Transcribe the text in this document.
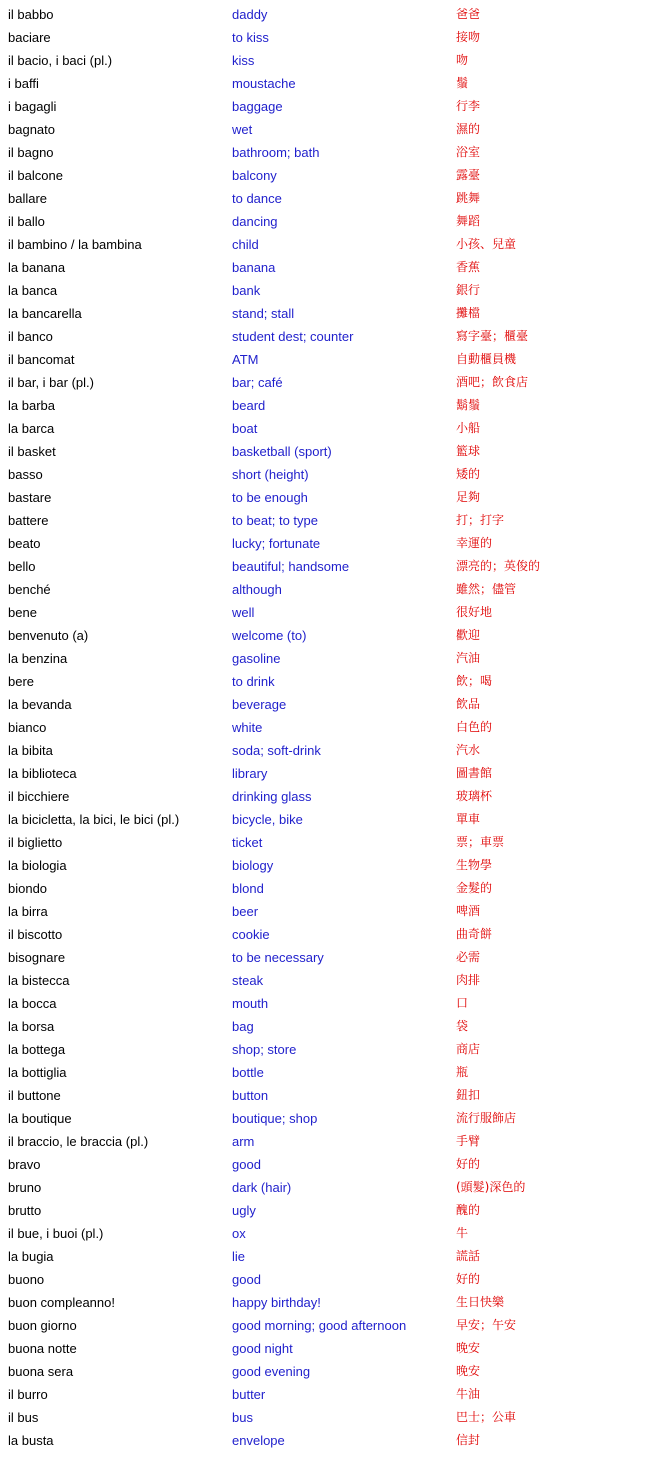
il babbo	daddy	爸爸
baciare	to kiss	接吻
il bacio, i baci (pl.)	kiss	吻
i baffi	moustache	鬚
i bagagli	baggage	行李
bagnato	wet	濕的
il bagno	bathroom; bath	浴室
il balcone	balcony	露臺
ballare	to dance	跳舞
il ballo	dancing	舞蹈
il bambino / la bambina	child	小孩、兒童
la banana	banana	香蕉
la banca	bank	銀行
la bancarella	stand; stall	攤檔
il banco	student dest; counter	寫字臺；櫃臺
il bancomat	ATM	自動櫃員機
il bar, i bar (pl.)	bar; café	酒吧；飲食店
la barba	beard	鬍鬚
la barca	boat	小船
il basket	basketball (sport)	籃球
basso	short (height)	矮的
bastare	to be enough	足夠
battere	to beat; to type	打；打字
beato	lucky; fortunate	幸運的
bello	beautiful; handsome	漂亮的；英俊的
benché	although	雖然；儘管
bene	well	很好地
benvenuto (a)	welcome (to)	歡迎
la benzina	gasoline	汽油
bere	to drink	飲；喝
la bevanda	beverage	飲品
bianco	white	白色的
la bibita	soda; soft-drink	汽水
la biblioteca	library	圖書館
il bicchiere	drinking glass	玻璃杯
la bicicletta, la bici, le bici (pl.)	bicycle, bike	單車
il biglietto	ticket	票；車票
la biologia	biology	生物學
biondo	blond	金髮的
la birra	beer	啤酒
il biscotto	cookie	曲奇餅
bisognare	to be necessary	必需
la bistecca	steak	肉排
la bocca	mouth	口
la borsa	bag	袋
la bottega	shop; store	商店
la bottiglia	bottle	瓶
il buttone	button	鈕扣
la boutique	boutique; shop	流行服飾店
il braccio, le braccia (pl.)	arm	手臂
bravo	good	好的
bruno	dark (hair)	(頭髮)深色的
brutto	ugly	醜的
il bue, i buoi (pl.)	ox	牛
la bugia	lie	謊話
buono	good	好的
buon compleanno!	happy birthday!	生日快樂
buon giorno	good morning; good afternoon	早安；午安
buona notte	good night	晚安
buona sera	good evening	晚安
il burro	butter	牛油
il bus	bus	巴士；公車
la busta	envelope	信封
